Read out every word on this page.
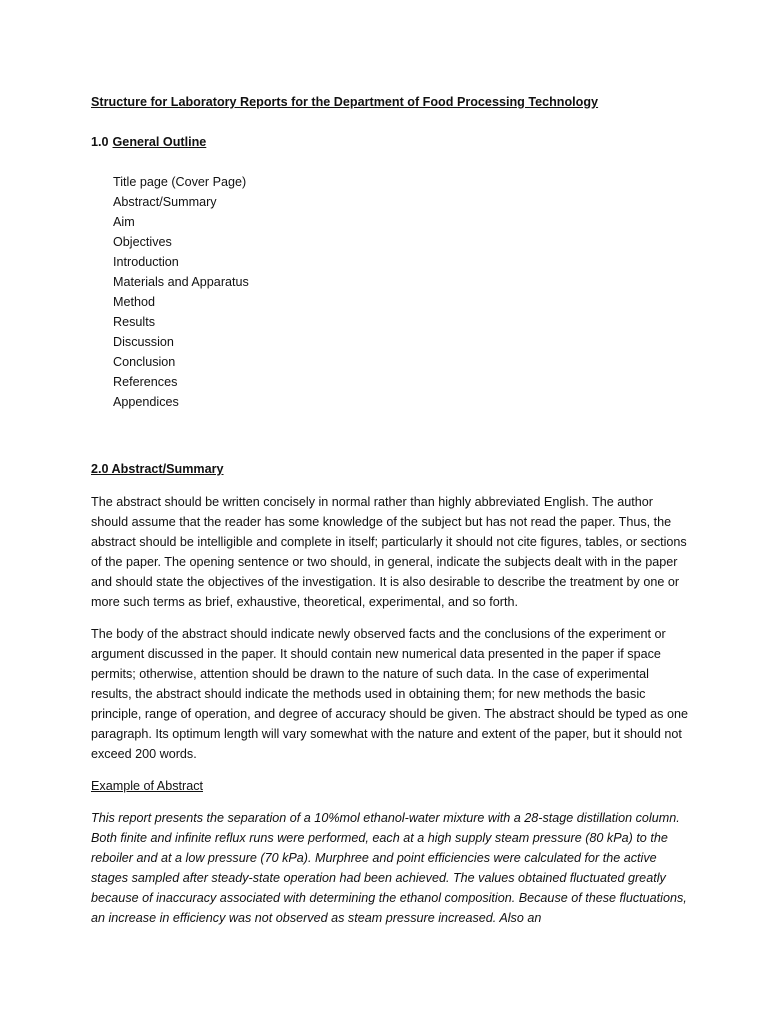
Structure for Laboratory Reports for the Department of Food Processing Technology
1.0 General Outline
Title page (Cover Page)
Abstract/Summary
Aim
Objectives
Introduction
Materials and Apparatus
Method
Results
Discussion
Conclusion
References
Appendices
2.0 Abstract/Summary

The abstract should be written concisely in normal rather than highly abbreviated English. The author should assume that the reader has some knowledge of the subject but has not read the paper. Thus, the abstract should be intelligible and complete in itself; particularly it should not cite figures, tables, or sections of the paper. The opening sentence or two should, in general, indicate the subjects dealt with in the paper and should state the objectives of the investigation. It is also desirable to describe the treatment by one or more such terms as brief, exhaustive, theoretical, experimental, and so forth.

The body of the abstract should indicate newly observed facts and the conclusions of the experiment or argument discussed in the paper. It should contain new numerical data presented in the paper if space permits; otherwise, attention should be drawn to the nature of such data. In the case of experimental results, the abstract should indicate the methods used in obtaining them; for new methods the basic principle, range of operation, and degree of accuracy should be given. The abstract should be typed as one paragraph. Its optimum length will vary somewhat with the nature and extent of the paper, but it should not exceed 200 words.

Example of Abstract

This report presents the separation of a 10%mol ethanol-water mixture with a 28-stage distillation column. Both finite and infinite reflux runs were performed, each at a high supply steam pressure (80 kPa) to the reboiler and at a low pressure (70 kPa). Murphree and point efficiencies were calculated for the active stages sampled after steady-state operation had been achieved. The values obtained fluctuated greatly because of inaccuracy associated with determining the ethanol composition. Because of these fluctuations, an increase in efficiency was not observed as steam pressure increased. Also an
